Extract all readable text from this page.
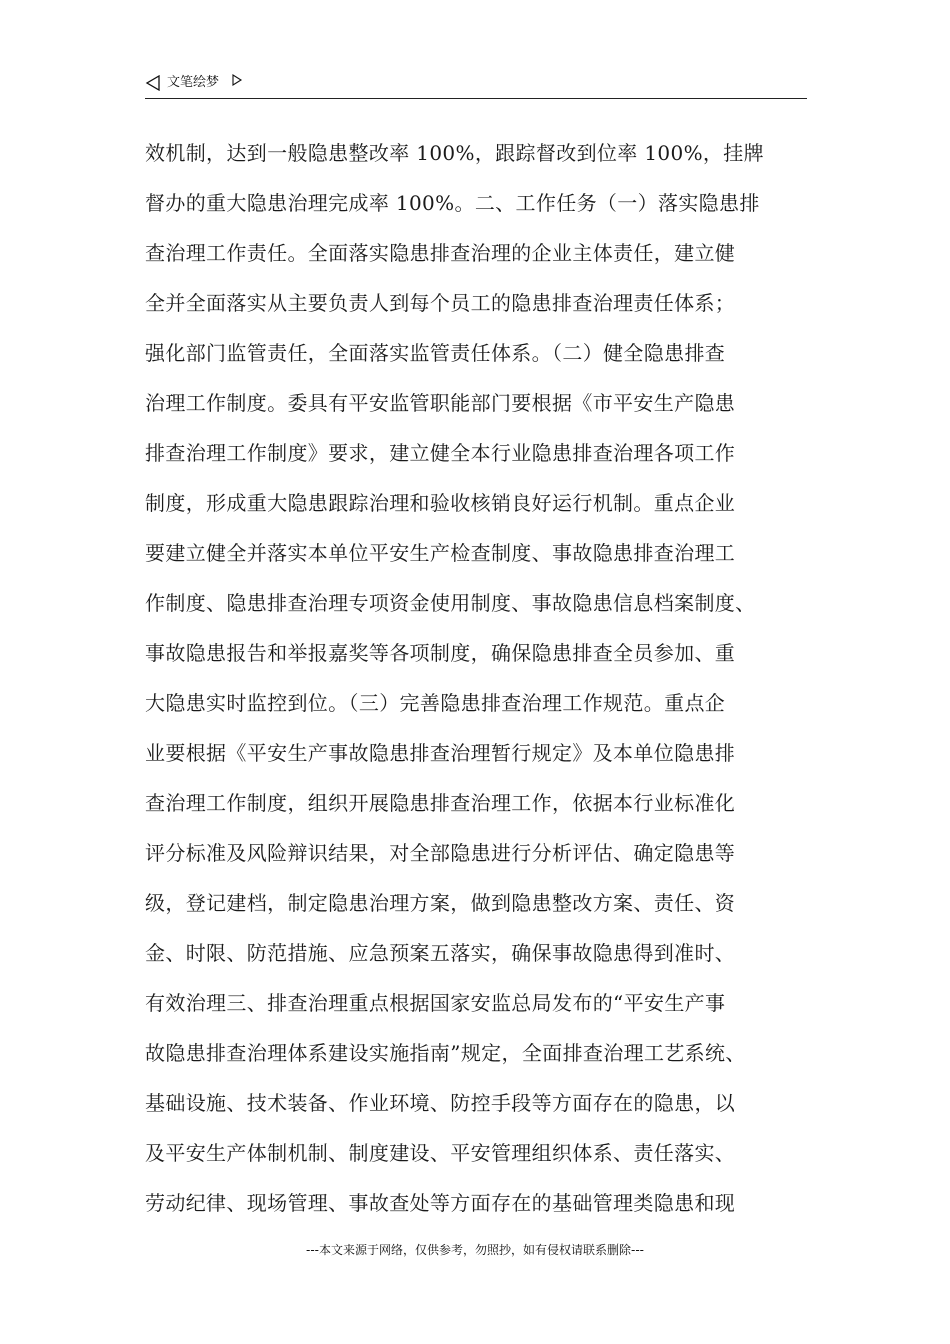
文笔绘梦
效机制，达到一般隐患整改率 100%，跟踪督改到位率 100%，挂牌
督办的重大隐患治理完成率 100%。二、工作任务（一）落实隐患排
查治理工作责任。全面落实隐患排查治理的企业主体责任，建立健
全并全面落实从主要负责人到每个员工的隐患排查治理责任体系；
强化部门监管责任，全面落实监管责任体系。（二）健全隐患排查
治理工作制度。委具有平安监管职能部门要根据《市平安生产隐患
排查治理工作制度》要求，建立健全本行业隐患排查治理各项工作
制度，形成重大隐患跟踪治理和验收核销良好运行机制。重点企业
要建立健全并落实本单位平安生产检查制度、事故隐患排查治理工
作制度、隐患排查治理专项资金使用制度、事故隐患信息档案制度、
事故隐患报告和举报嘉奖等各项制度，确保隐患排查全员参加、重
大隐患实时监控到位。（三）完善隐患排查治理工作规范。重点企
业要根据《平安生产事故隐患排查治理暂行规定》及本单位隐患排
查治理工作制度，组织开展隐患排查治理工作，依据本行业标准化
评分标准及风险辩识结果，对全部隐患进行分析评估、确定隐患等
级，登记建档，制定隐患治理方案，做到隐患整改方案、责任、资
金、时限、防范措施、应急预案五落实，确保事故隐患得到准时、
有效治理三、排查治理重点根据国家安监总局发布的“平安生产事
故隐患排查治理体系建设实施指南”规定，全面排查治理工艺系统、
基础设施、技术装备、作业环境、防控手段等方面存在的隐患，以
及平安生产体制机制、制度建设、平安管理组织体系、责任落实、
劳动纪律、现场管理、事故查处等方面存在的基础管理类隐患和现
---本文来源于网络，仅供参考，勿照抄，如有侵权请联系删除---
